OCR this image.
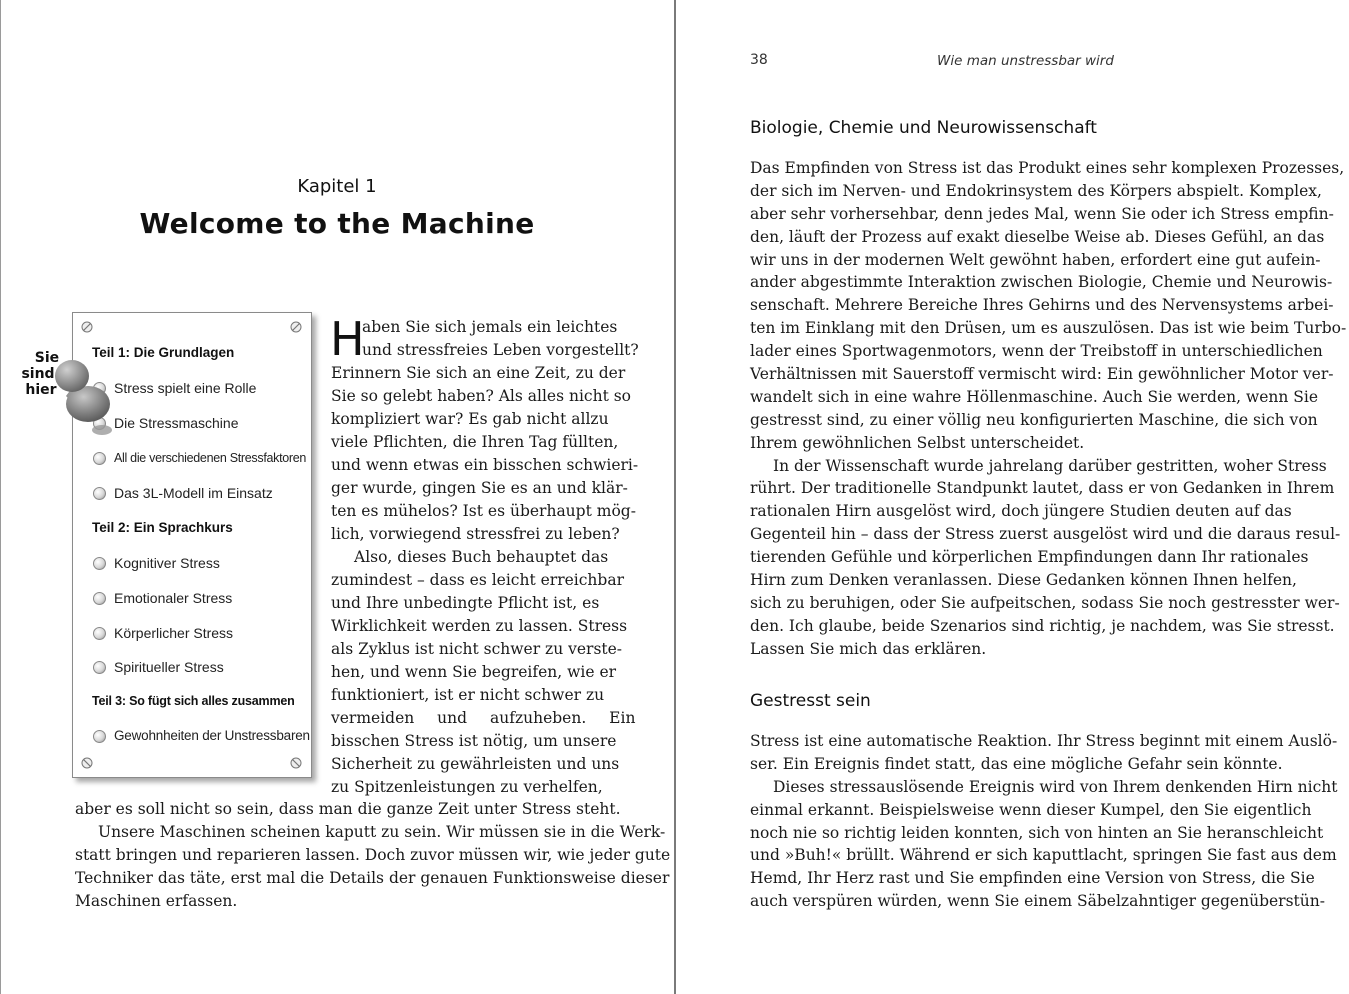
Kapitel 1
Welcome to the Machine
Teil 1: Die Grundlagen
Stress spielt eine Rolle
Die Stressmaschine
All die verschiedenen Stressfaktoren
Das 3L-Modell im Einsatz
Teil 2: Ein Sprachkurs
Kognitiver Stress
Emotionaler Stress
Körperlicher Stress
Spiritueller Stress
Teil 3: So fügt sich alles zusammen
Gewohnheiten der Unstressbaren
Sie
sind
hier
H
aben Sie sich jemals ein leichtes
und stressfreies Leben vorgestellt?
Erinnern Sie sich an eine Zeit, zu der
Sie so gelebt haben? Als alles nicht so
kompliziert war? Es gab nicht allzu
viele Pflichten, die Ihren Tag füllten,
und wenn etwas ein bisschen schwieri-
ger wurde, gingen Sie es an und klär-
ten es mühelos? Ist es überhaupt mög-
lich, vorwiegend stressfrei zu leben?
Also, dieses Buch behauptet das
zumindest – dass es leicht erreichbar
und Ihre unbedingte Pflicht ist, es
Wirklichkeit werden zu lassen. Stress
als Zyklus ist nicht schwer zu verste-
hen, und wenn Sie begreifen, wie er
funktioniert, ist er nicht schwer zu
vermeiden und aufzuheben. Ein
bisschen Stress ist nötig, um unsere
Sicherheit zu gewährleisten und uns
zu Spitzenleistungen zu verhelfen,
aber es soll nicht so sein, dass man die ganze Zeit unter Stress steht.
Unsere Maschinen scheinen kaputt zu sein. Wir müssen sie in die Werk-
statt bringen und reparieren lassen. Doch zuvor müssen wir, wie jeder gute
Techniker das täte, erst mal die Details der genauen Funktionsweise dieser
Maschinen erfassen.
38	Wie man unstressbar wird
Biologie, Chemie und Neurowissenschaft
Das Empfinden von Stress ist das Produkt eines sehr komplexen Prozesses,
der sich im Nerven- und Endokrinsystem des Körpers abspielt. Komplex,
aber sehr vorhersehbar, denn jedes Mal, wenn Sie oder ich Stress empfin-
den, läuft der Prozess auf exakt dieselbe Weise ab. Dieses Gefühl, an das
wir uns in der modernen Welt gewöhnt haben, erfordert eine gut aufein-
ander abgestimmte Interaktion zwischen Biologie, Chemie und Neurowis-
senschaft. Mehrere Bereiche Ihres Gehirns und des Nervensystems arbei-
ten im Einklang mit den Drüsen, um es auszulösen. Das ist wie beim Turbo-
lader eines Sportwagenmotors, wenn der Treibstoff in unterschiedlichen
Verhältnissen mit Sauerstoff vermischt wird: Ein gewöhnlicher Motor ver-
wandelt sich in eine wahre Höllenmaschine. Auch Sie werden, wenn Sie
gestresst sind, zu einer völlig neu konfigurierten Maschine, die sich von
Ihrem gewöhnlichen Selbst unterscheidet.
In der Wissenschaft wurde jahrelang darüber gestritten, woher Stress
rührt. Der traditionelle Standpunkt lautet, dass er von Gedanken in Ihrem
rationalen Hirn ausgelöst wird, doch jüngere Studien deuten auf das
Gegenteil hin – dass der Stress zuerst ausgelöst wird und die daraus resul-
tierenden Gefühle und körperlichen Empfindungen dann Ihr rationales
Hirn zum Denken veranlassen. Diese Gedanken können Ihnen helfen,
sich zu beruhigen, oder Sie aufpeitschen, sodass Sie noch gestresster wer-
den. Ich glaube, beide Szenarios sind richtig, je nachdem, was Sie stresst.
Lassen Sie mich das erklären.
Gestresst sein
Stress ist eine automatische Reaktion. Ihr Stress beginnt mit einem Auslö-
ser. Ein Ereignis findet statt, das eine mögliche Gefahr sein könnte.
Dieses stressauslösende Ereignis wird von Ihrem denkenden Hirn nicht
einmal erkannt. Beispielsweise wenn dieser Kumpel, den Sie eigentlich
noch nie so richtig leiden konnten, sich von hinten an Sie heranschleicht
und »Buh!« brüllt. Während er sich kaputtlacht, springen Sie fast aus dem
Hemd, Ihr Herz rast und Sie empfinden eine Version von Stress, die Sie
auch verspüren würden, wenn Sie einem Säbelzahntiger gegenüberstün-
